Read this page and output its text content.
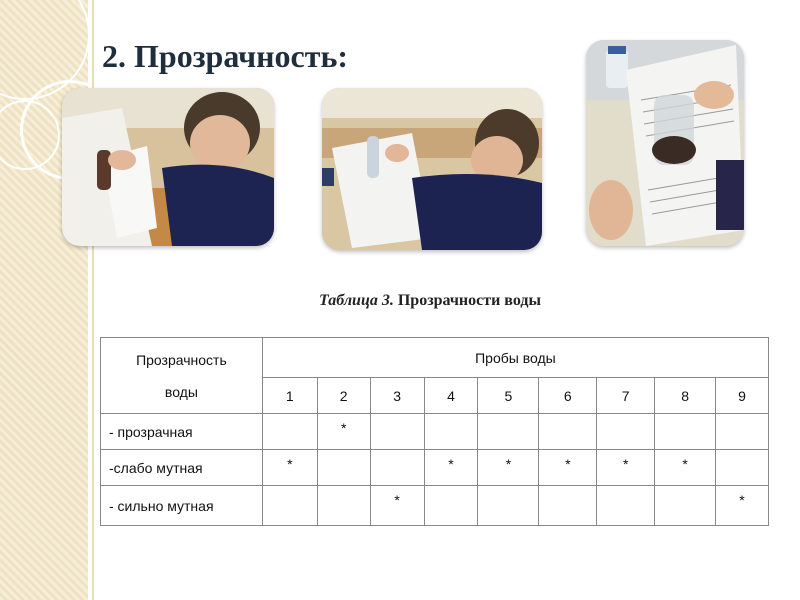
2. Прозрачность:
Таблица 3. Прозрачности воды
Прозрачность
воды	Пробы воды								
	1	2	3	4	5	6	7	8	9
- прозрачная		*							
-слабо мутная	*			*	*	*	*	*	
- сильно мутная			*						*
